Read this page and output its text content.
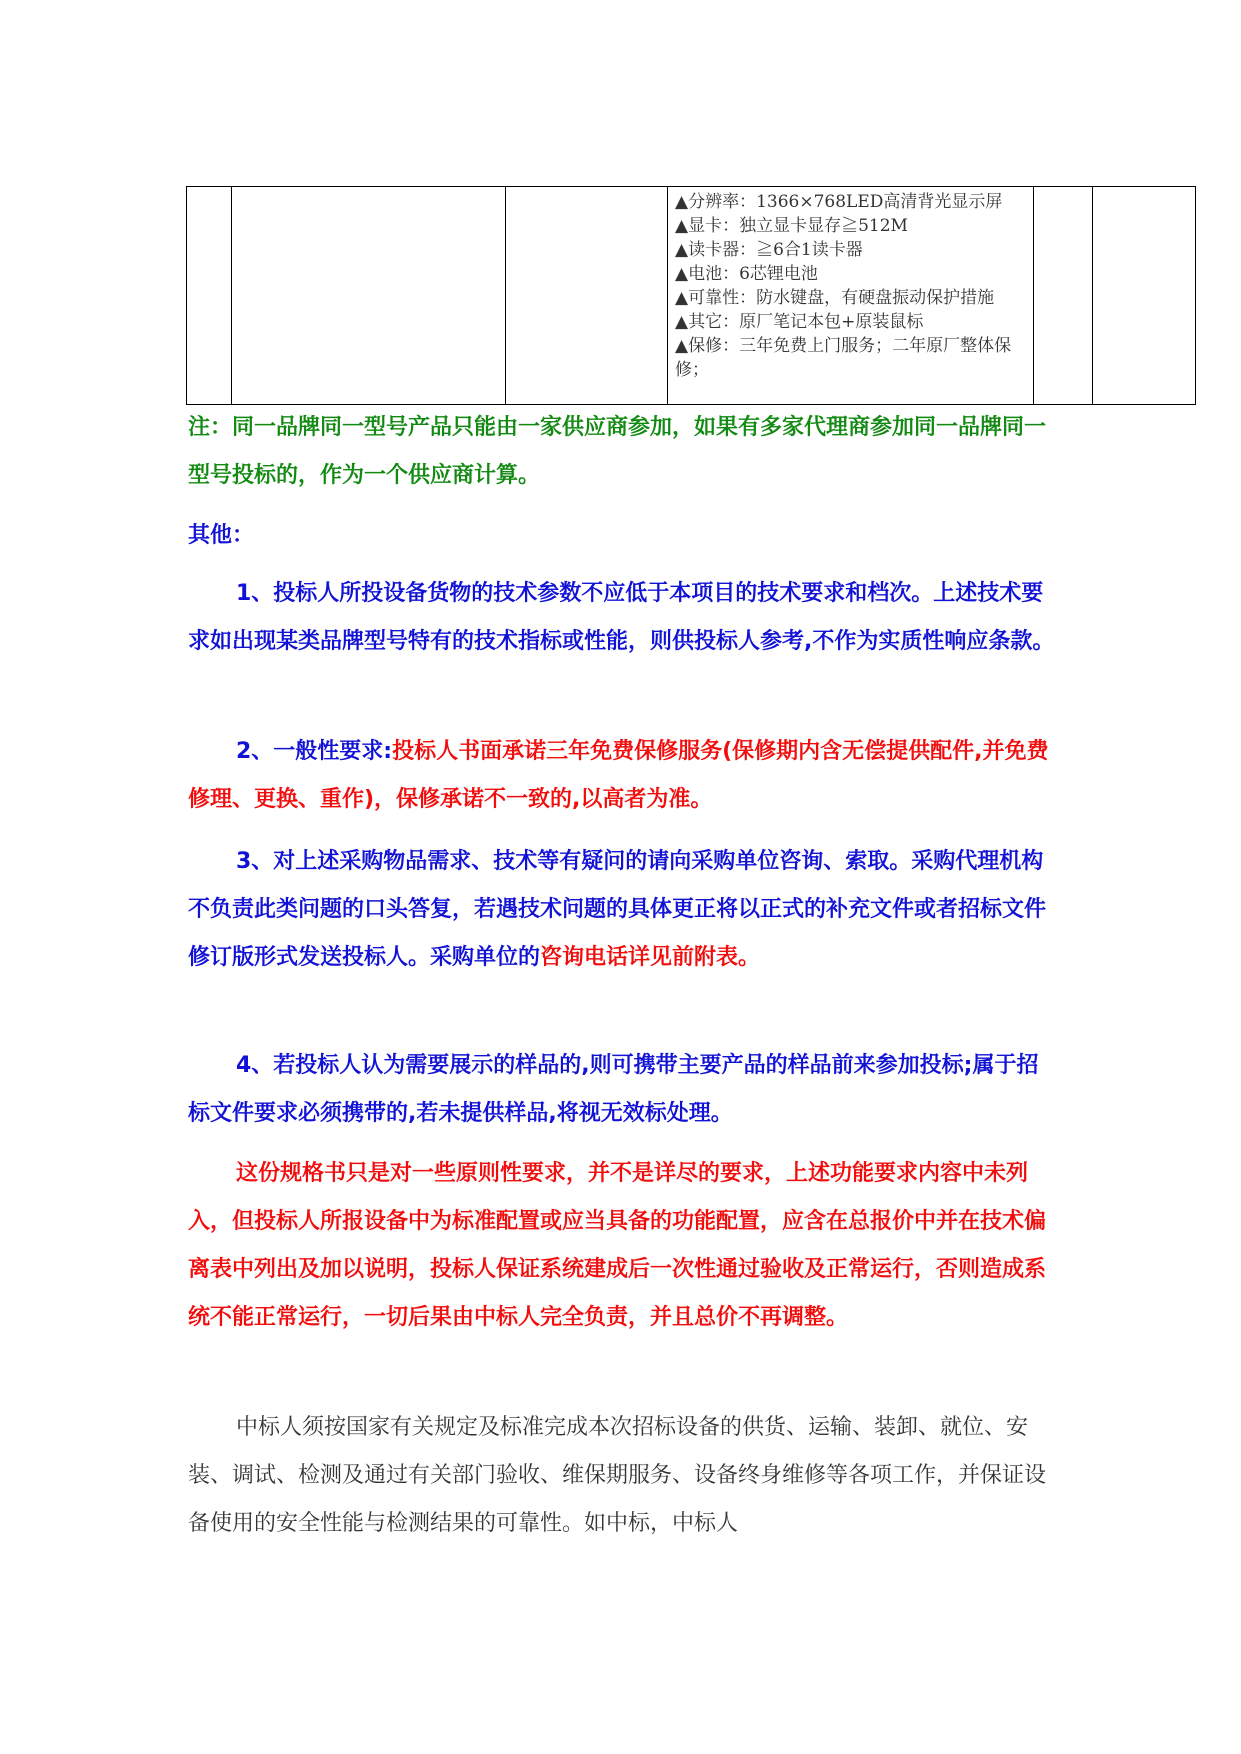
▲分辨率：1366×768LED高清背光显示屏
▲显卡：独立显卡显存≧512M
▲读卡器：≧6合1读卡器
▲电池：6芯锂电池
▲可靠性：防水键盘，有硬盘振动保护措施
▲其它：原厂笔记本包+原装鼠标
▲保修：三年免费上门服务；二年原厂整体保修；

注：同一品牌同一型号产品只能由一家供应商参加，如果有多家代理商参加同一品牌同一型号投标的，作为一个供应商计算。

其他：

1、投标人所投设备货物的技术参数不应低于本项目的技术要求和档次。上述技术要求如出现某类品牌型号特有的技术指标或性能，则供投标人参考,不作为实质性响应条款。

2、一般性要求:投标人书面承诺三年免费保修服务(保修期内含无偿提供配件,并免费修理、更换、重作)，保修承诺不一致的,以高者为准。

3、对上述采购物品需求、技术等有疑问的请向采购单位咨询、索取。采购代理机构不负责此类问题的口头答复，若遇技术问题的具体更正将以正式的补充文件或者招标文件修订版形式发送投标人。采购单位的咨询电话详见前附表。

4、若投标人认为需要展示的样品的,则可携带主要产品的样品前来参加投标;属于招标文件要求必须携带的,若未提供样品,将视无效标处理。

这份规格书只是对一些原则性要求，并不是详尽的要求，上述功能要求内容中未列入，但投标人所报设备中为标准配置或应当具备的功能配置，应含在总报价中并在技术偏离表中列出及加以说明，投标人保证系统建成后一次性通过验收及正常运行，否则造成系统不能正常运行，一切后果由中标人完全负责，并且总价不再调整。

中标人须按国家有关规定及标准完成本次招标设备的供货、运输、装卸、就位、安装、调试、检测及通过有关部门验收、维保期服务、设备终身维修等各项工作，并保证设备使用的安全性能与检测结果的可靠性。如中标，中标人
